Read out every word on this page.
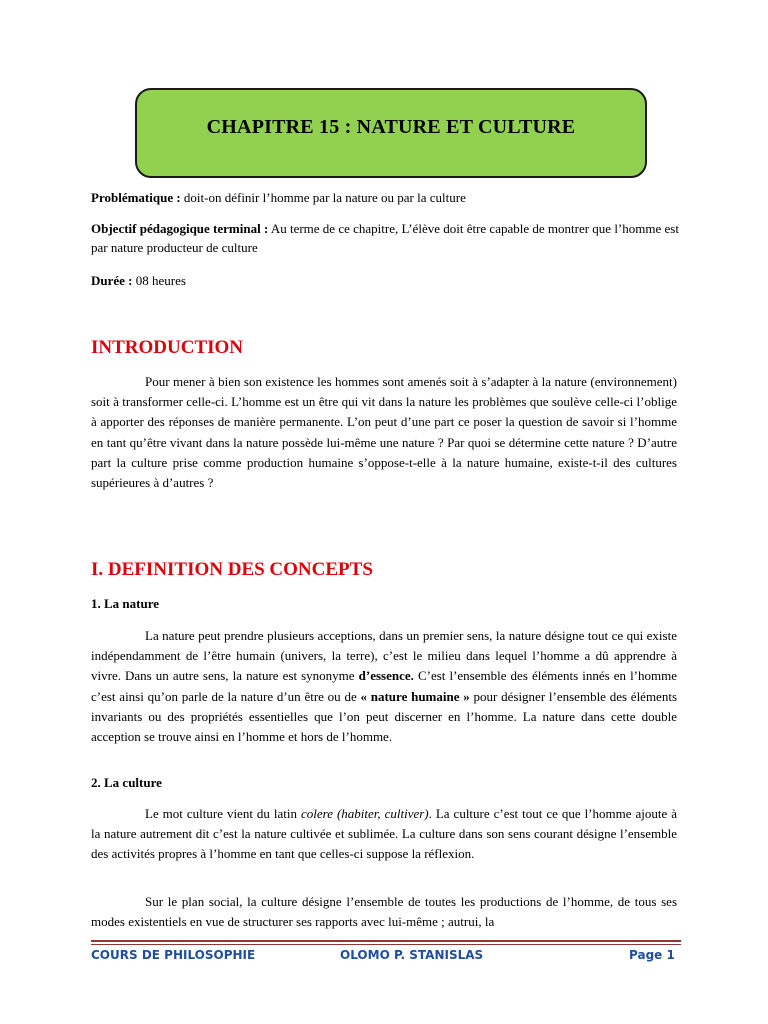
CHAPITRE 15 : NATURE ET CULTURE
Problématique : doit-on définir l’homme par la nature ou par la culture
Objectif pédagogique terminal : Au terme de ce chapitre, L’élève doit être capable de montrer que l’homme est par nature producteur de culture
Durée : 08 heures
INTRODUCTION

Pour mener à bien son existence les hommes sont amenés soit à s’adapter à la nature (environnement) soit à transformer celle-ci. L’homme est un être qui vit dans la nature les problèmes que soulève celle-ci l’oblige à apporter des réponses de manière permanente. L’on peut d’une part ce poser la question de savoir si l’homme en tant qu’être vivant dans la nature possède lui-même une nature ? Par quoi se détermine cette nature ? D’autre part la culture prise comme production humaine s’oppose-t-elle à la nature humaine, existe-t-il des cultures supérieures à d’autres ?

I. DEFINITION DES CONCEPTS

1. La nature

La nature peut prendre plusieurs acceptions, dans un premier sens, la nature désigne tout ce qui existe indépendamment de l’être humain (univers, la terre), c’est le milieu dans lequel l’homme a dû apprendre à vivre. Dans un autre sens, la nature est synonyme d’essence. C’est l’ensemble des éléments innés en l’homme c’est ainsi qu’on parle de la nature d’un être ou de « nature humaine » pour désigner l’ensemble des éléments invariants ou des propriétés essentielles que l’on peut discerner en l’homme. La nature dans cette double acception se trouve ainsi en l’homme et hors de l’homme.

2. La culture

Le mot culture vient du latin colere (habiter, cultiver). La culture c’est tout ce que l’homme ajoute à la nature autrement dit c’est la nature cultivée et sublimée. La culture dans son sens courant désigne l’ensemble des activités propres à l’homme en tant que celles-ci suppose la réflexion.

Sur le plan social, la culture désigne l’ensemble de toutes les productions de l’homme, de tous ses modes existentiels en vue de structurer ses rapports avec lui-même ; autrui, la

COURS DE PHILOSOPHIE	OLOMO P. STANISLAS	Page 1
